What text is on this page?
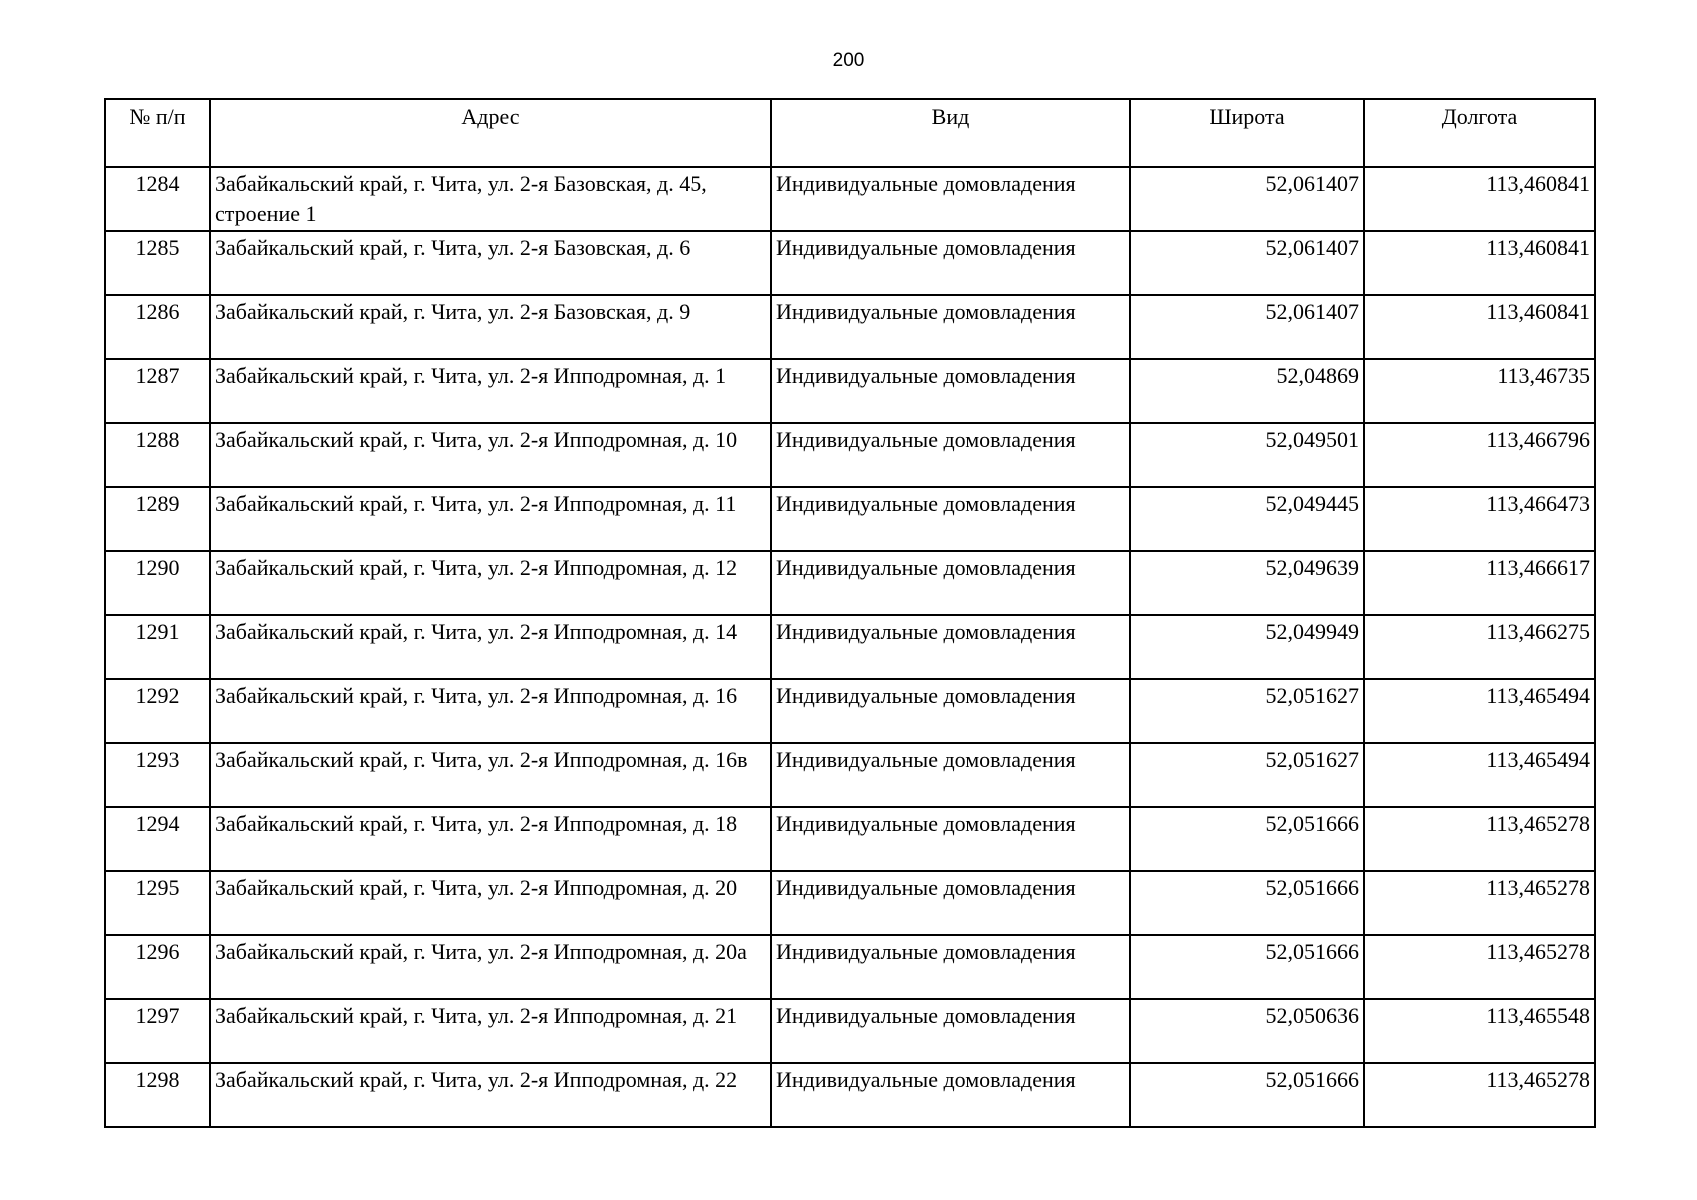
200
№ п/п	Адрес	Вид	Широта	Долгота
1284	Забайкальский край, г. Чита, ул. 2-я Базовская, д. 45, строение 1	Индивидуальные домовладения	52,061407	113,460841
1285	Забайкальский край, г. Чита, ул. 2-я Базовская, д. 6	Индивидуальные домовладения	52,061407	113,460841
1286	Забайкальский край, г. Чита, ул. 2-я Базовская, д. 9	Индивидуальные домовладения	52,061407	113,460841
1287	Забайкальский край, г. Чита, ул. 2-я Ипподромная, д. 1	Индивидуальные домовладения	52,04869	113,46735
1288	Забайкальский край, г. Чита, ул. 2-я Ипподромная, д. 10	Индивидуальные домовладения	52,049501	113,466796
1289	Забайкальский край, г. Чита, ул. 2-я Ипподромная, д. 11	Индивидуальные домовладения	52,049445	113,466473
1290	Забайкальский край, г. Чита, ул. 2-я Ипподромная, д. 12	Индивидуальные домовладения	52,049639	113,466617
1291	Забайкальский край, г. Чита, ул. 2-я Ипподромная, д. 14	Индивидуальные домовладения	52,049949	113,466275
1292	Забайкальский край, г. Чита, ул. 2-я Ипподромная, д. 16	Индивидуальные домовладения	52,051627	113,465494
1293	Забайкальский край, г. Чита, ул. 2-я Ипподромная, д. 16в	Индивидуальные домовладения	52,051627	113,465494
1294	Забайкальский край, г. Чита, ул. 2-я Ипподромная, д. 18	Индивидуальные домовладения	52,051666	113,465278
1295	Забайкальский край, г. Чита, ул. 2-я Ипподромная, д. 20	Индивидуальные домовладения	52,051666	113,465278
1296	Забайкальский край, г. Чита, ул. 2-я Ипподромная, д. 20а	Индивидуальные домовладения	52,051666	113,465278
1297	Забайкальский край, г. Чита, ул. 2-я Ипподромная, д. 21	Индивидуальные домовладения	52,050636	113,465548
1298	Забайкальский край, г. Чита, ул. 2-я Ипподромная, д. 22	Индивидуальные домовладения	52,051666	113,465278
